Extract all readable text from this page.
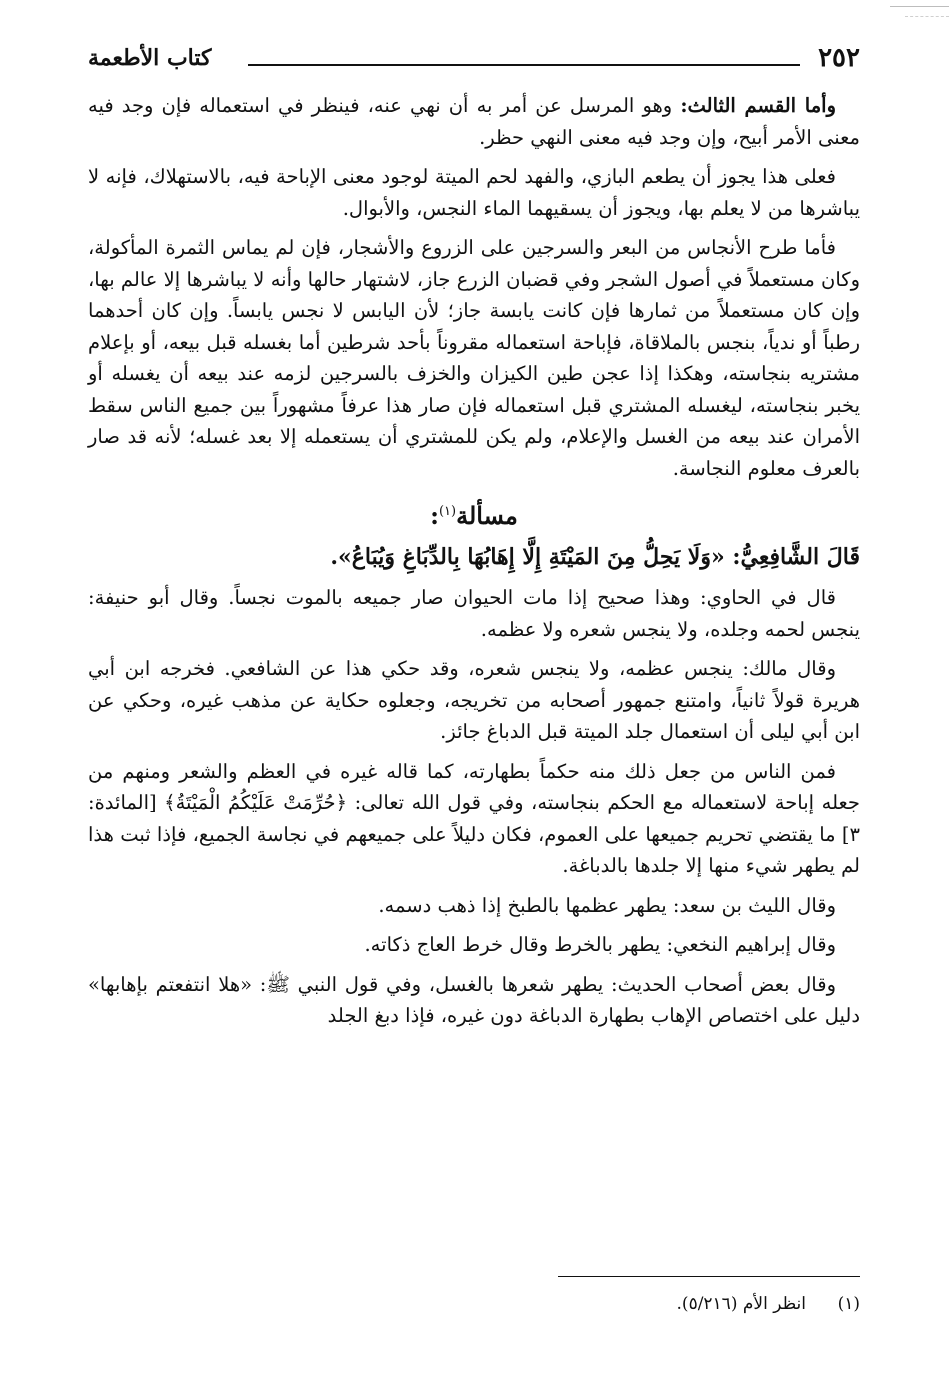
٢٥٢
كتاب الأطعمة

وأما القسم الثالث: وهو المرسل عن أمر به أن نهي عنه، فينظر في استعماله فإن وجد فيه معنى الأمر أبيح، وإن وجد فيه معنى النهي حظر.

فعلى هذا يجوز أن يطعم البازي، والفهد لحم الميتة لوجود معنى الإباحة فيه، بالاستهلاك، فإنه لا يباشرها من لا يعلم بها، ويجوز أن يسقيهما الماء النجس، والأبوال.

فأما طرح الأنجاس من البعر والسرجين على الزروع والأشجار، فإن لم يماس الثمرة المأكولة، وكان مستعملاً في أصول الشجر وفي قضبان الزرع جاز، لاشتهار حالها وأنه لا يباشرها إلا عالم بها، وإن كان مستعملاً من ثمارها فإن كانت يابسة جاز؛ لأن اليابس لا نجس يابساً. وإن كان أحدهما رطباً أو ندياً، بنجس بالملاقاة، فإباحة استعماله مقروناً بأحد شرطين أما بغسله قبل بيعه، أو بإعلام مشتريه بنجاسته، وهكذا إذا عجن طين الكيزان والخزف بالسرجين لزمه عند بيعه أن يغسله أو يخبر بنجاسته، ليغسله المشتري قبل استعماله فإن صار هذا عرفاً مشهوراً بين جميع الناس سقط الأمران عند بيعه من الغسل والإعلام، ولم يكن للمشتري أن يستعمله إلا بعد غسله؛ لأنه قد صار بالعرف معلوم النجاسة.

مسألة$^{(١)}$:
قَالَ الشَّافِعِيُّ: «وَلَا يَحِلُّ مِنَ المَيْتَةِ إِلَّا إِهَابُهَا بِالدِّبَاغِ وَيُبَاعُ».

قال في الحاوي: وهذا صحيح إذا مات الحيوان صار جميعه بالموت نجساً. وقال أبو حنيفة: ينجس لحمه وجلده، ولا ينجس شعره ولا عظمه.

وقال مالك: ينجس عظمه، ولا ينجس شعره، وقد حكي هذا عن الشافعي. فخرجه ابن أبي هريرة قولاً ثانياً، وامتنع جمهور أصحابه من تخريجه، وجعلوه حكاية عن مذهب غيره، وحكي عن ابن أبي ليلى أن استعمال جلد الميتة قبل الدباغ جائز.

فمن الناس من جعل ذلك منه حكماً بطهارته، كما قاله غيره في العظم والشعر ومنهم من جعله إباحة لاستعماله مع الحكم بنجاسته، وفي قول الله تعالى: ﴿حُرِّمَتْ عَلَيْكُمُ الْمَيْتَةُ﴾ [المائدة: ٣] ما يقتضي تحريم جميعها على العموم، فكان دليلاً على جميعهم في نجاسة الجميع، فإذا ثبت هذا لم يطهر شيء منها إلا جلدها بالدباغة.

وقال الليث بن سعد: يطهر عظمها بالطبخ إذا ذهب دسمه.

وقال إبراهيم النخعي: يطهر بالخرط وقال خرط العاج ذكاته.

وقال بعض أصحاب الحديث: يطهر شعرها بالغسل، وفي قول النبي ﷺ: «هلا انتفعتم بإهابها» دليل على اختصاص الإهاب بطهارة الدباغة دون غيره، فإذا دبغ الجلد

(١)انظر الأم (٥/٢١٦).
